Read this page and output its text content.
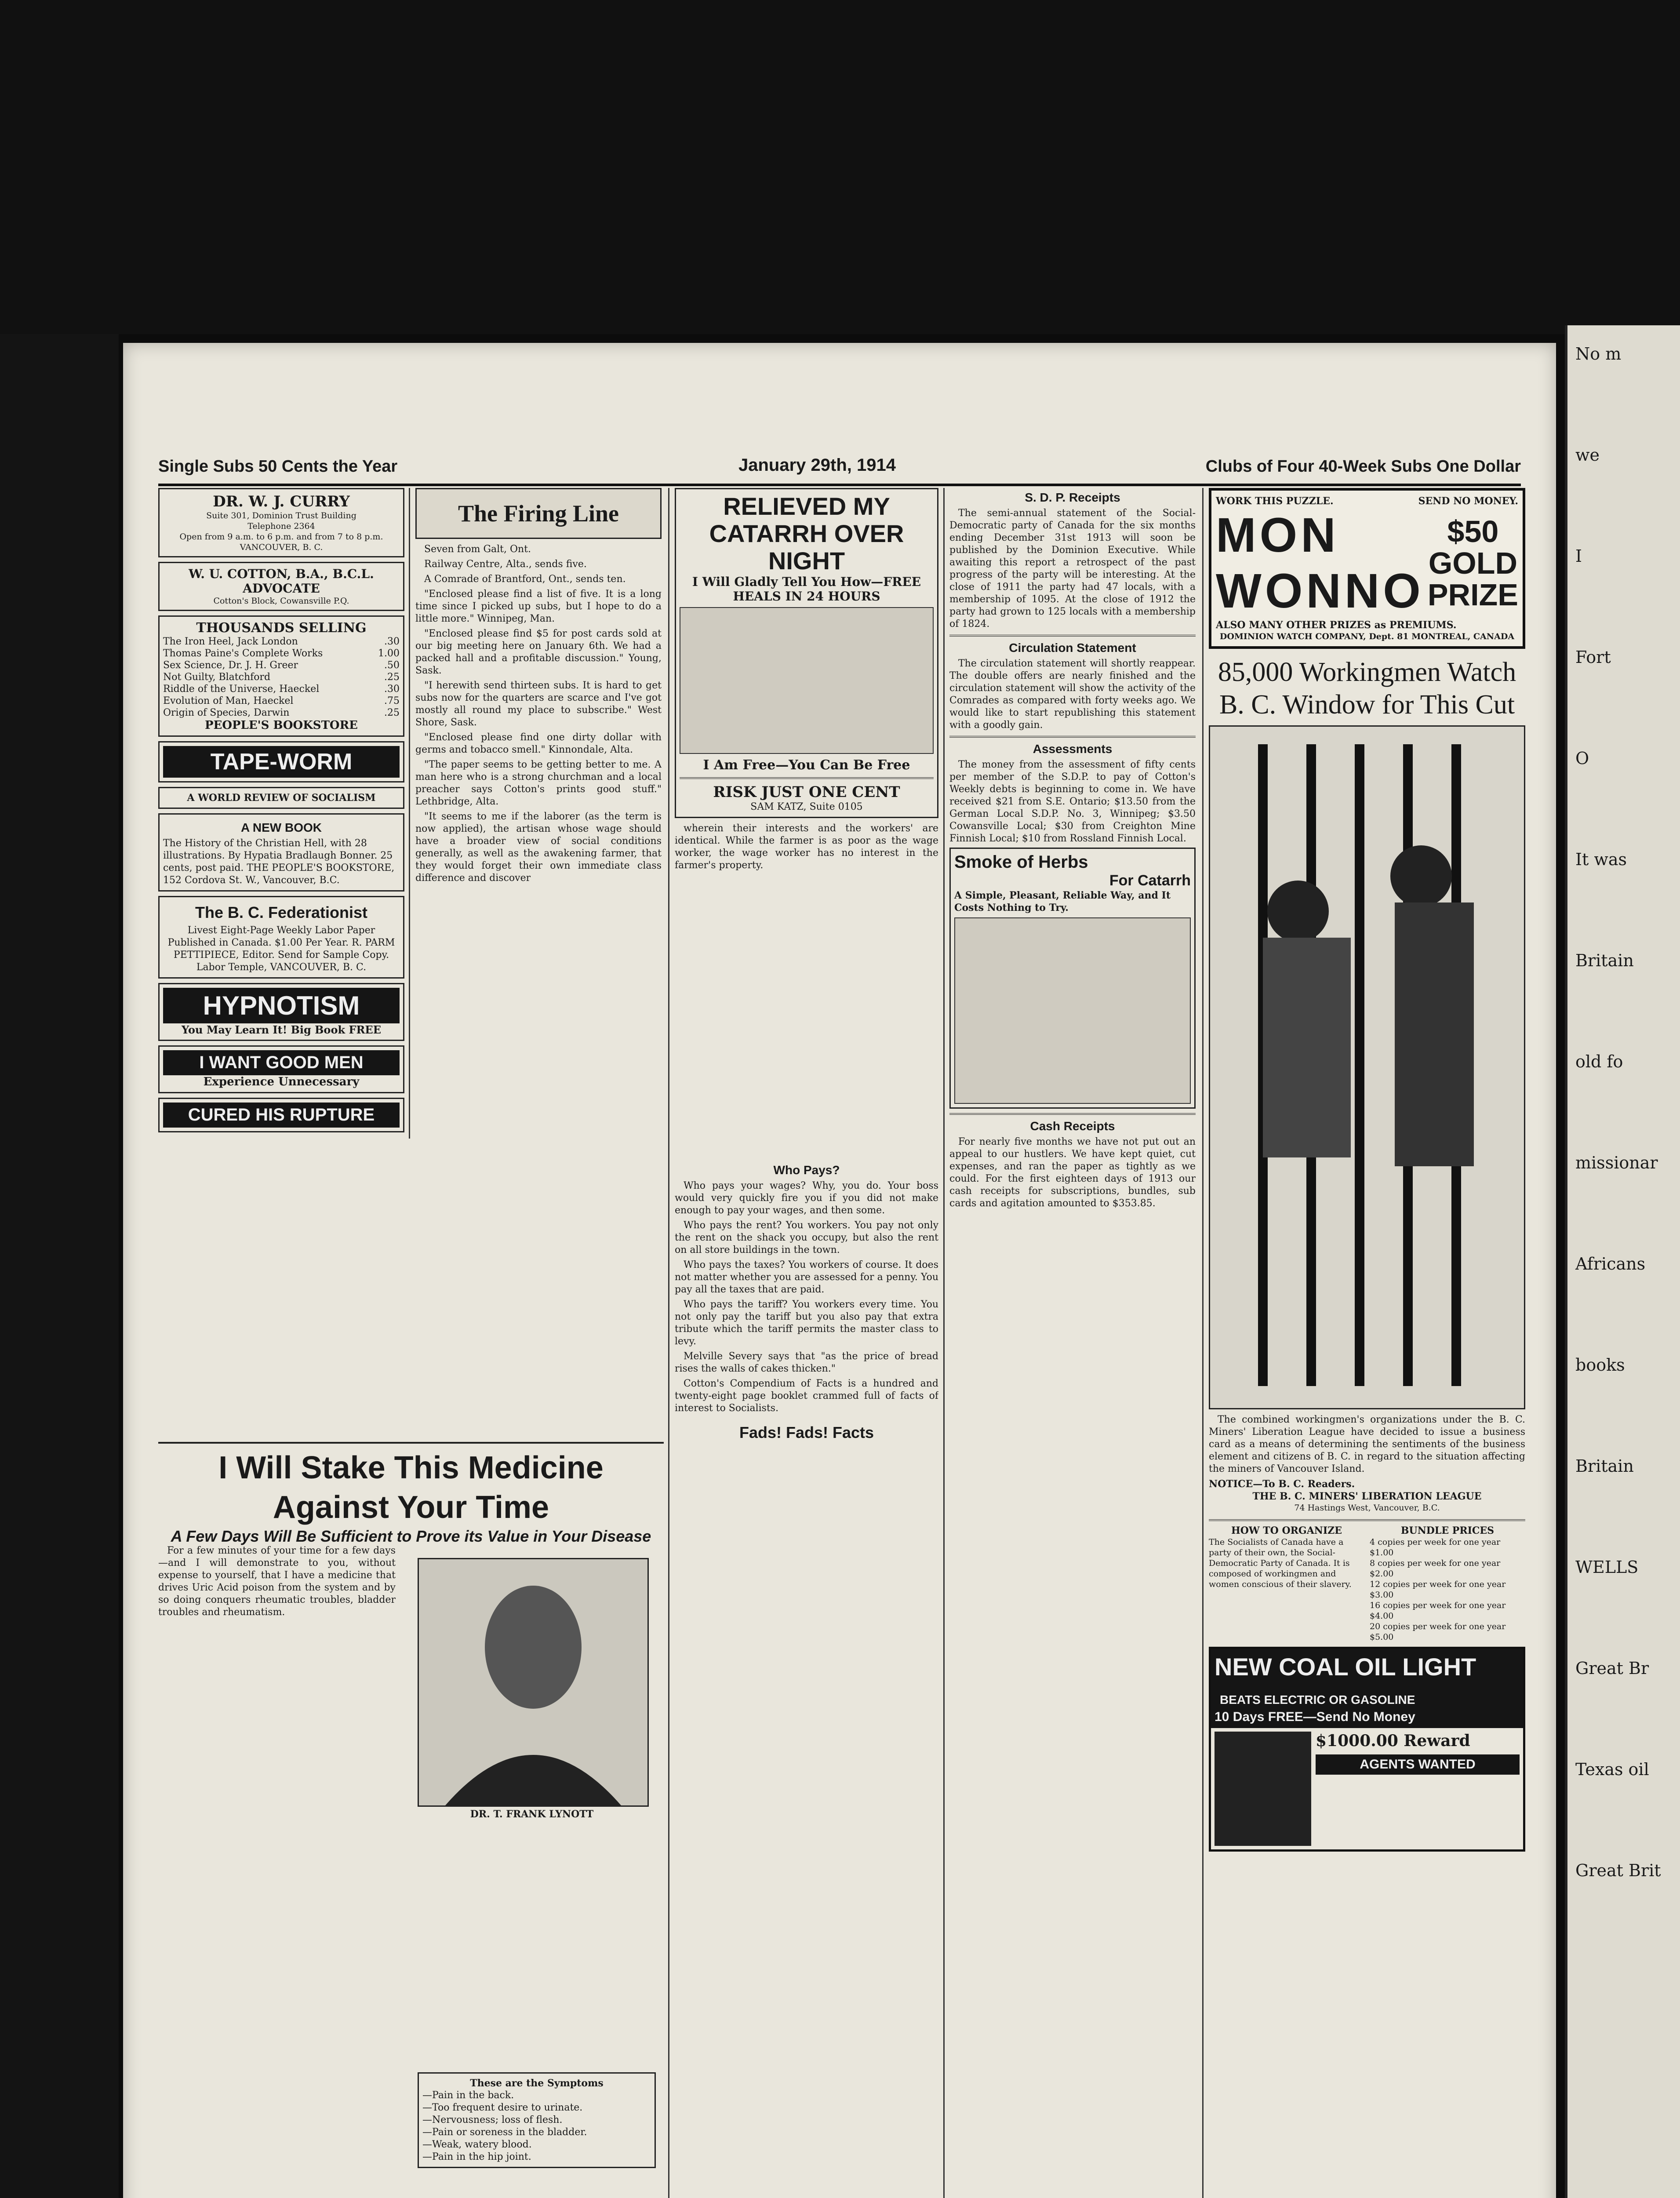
Single Subs 50 Cents the Year	January 29th, 1914	Clubs of Four 40-Week Subs One Dollar
DR. W. J. CURRY
Suite 301, Dominion Trust Building
Telephone 2364
Open from 9 a.m. to 6 p.m. and from 7 to 8 p.m.
VANCOUVER, B. C.
W. U. COTTON, B.A., B.C.L. ADVOCATE
Cotton's Block, Cowansville P.Q.
THOUSANDS SELLING
The Iron Heel, Jack London	.30
Thomas Paine's Complete Works	1.00
Sex Science, Dr. J. H. Greer	.50
Not Guilty, Blatchford	.25
Riddle of the Universe, Haeckel	.30
Evolution of Man, Haeckel	.75
Origin of Species, Darwin	.25
PEOPLE'S BOOKSTORE
TAPE-WORM
A WORLD REVIEW OF SOCIALISM
A NEW BOOK
The History of the Christian Hell, with 28 illustrations. By Hypatia Bradlaugh Bonner. 25 cents, post paid. THE PEOPLE'S BOOKSTORE, 152 Cordova St. W., Vancouver, B.C.
The B. C. Federationist
Livest Eight-Page Weekly Labor Paper Published in Canada. $1.00 Per Year. R. PARM PETTIPIECE, Editor. Send for Sample Copy. Labor Temple, VANCOUVER, B. C.
HYPNOTISM
You May Learn It! Big Book FREE
I WANT GOOD MEN
Experience Unnecessary
CURED HIS RUPTURE
The Firing Line

Seven from Galt, Ont.

Railway Centre, Alta., sends five.

A Comrade of Brantford, Ont., sends ten.

"Enclosed please find a list of five. It is a long time since I picked up subs, but I hope to do a little more." Winnipeg, Man.

"Enclosed please find $5 for post cards sold at our big meeting here on January 6th. We had a packed hall and a profitable discussion." Young, Sask.

"I herewith send thirteen subs. It is hard to get subs now for the quarters are scarce and I've got mostly all round my place to subscribe." West Shore, Sask.

"Enclosed please find one dirty dollar with germs and tobacco smell." Kinnondale, Alta.

"The paper seems to be getting better to me. A man here who is a strong churchman and a local preacher says Cotton's prints good stuff." Lethbridge, Alta.

"It seems to me if the laborer (as the term is now applied), the artisan whose wage should have a broader view of social conditions generally, as well as the awakening farmer, that they would forget their own immediate class difference and discover

RELIEVED MY CATARRH OVER NIGHT
I Will Gladly Tell You How—FREE
HEALS IN 24 HOURS
I Am Free—You Can Be Free
RISK JUST ONE CENT
SAM KATZ, Suite 0105

wherein their interests and the workers' are identical. While the farmer is as poor as the wage worker, the wage worker has no interest in the farmer's property.

Who Pays?

Who pays your wages? Why, you do. Your boss would very quickly fire you if you did not make enough to pay your wages, and then some.

Who pays the rent? You workers. You pay not only the rent on the shack you occupy, but also the rent on all store buildings in the town.

Who pays the taxes? You workers of course. It does not matter whether you are assessed for a penny. You pay all the taxes that are paid.

Who pays the tariff? You workers every time. You not only pay the tariff but you also pay that extra tribute which the tariff permits the master class to levy.

Melville Severy says that "as the price of bread rises the walls of cakes thicken."

Cotton's Compendium of Facts is a hundred and twenty-eight page booklet crammed full of facts of interest to Socialists.

Fads! Fads! Facts
S. D. P. Receipts

The semi-annual statement of the Social-Democratic party of Canada for the six months ending December 31st 1913 will soon be published by the Dominion Executive. While awaiting this report a retrospect of the past progress of the party will be interesting. At the close of 1911 the party had 47 locals, with a membership of 1095. At the close of 1912 the party had grown to 125 locals with a membership of 1824.

Circulation Statement

The circulation statement will shortly reappear. The double offers are nearly finished and the circulation statement will show the activity of the Comrades as compared with forty weeks ago. We would like to start republishing this statement with a goodly gain.

Assessments

The money from the assessment of fifty cents per member of the S.D.P. to pay of Cotton's Weekly debts is beginning to come in. We have received $21 from S.E. Ontario; $13.50 from the German Local S.D.P. No. 3, Winnipeg; $3.50 Cowansville Local; $30 from Creighton Mine Finnish Local; $10 from Rossland Finnish Local.

Smoke of Herbs
For Catarrh
A Simple, Pleasant, Reliable Way, and It Costs Nothing to Try.
Cash Receipts

For nearly five months we have not put out an appeal to our hustlers. We have kept quiet, cut expenses, and ran the paper as tightly as we could. For the first eighteen days of 1913 our cash receipts for subscriptions, bundles, sub cards and agitation amounted to $353.85.

WORK THIS PUZZLE.	SEND NO MONEY.
MON
WONNO
$50
GOLD
PRIZE
ALSO MANY OTHER PRIZES as PREMIUMS.
DOMINION WATCH COMPANY, Dept. 81 MONTREAL, CANADA
85,000 Workingmen Watch B. C. Window for This Cut

The combined workingmen's organizations under the B. C. Miners' Liberation League have decided to issue a business card as a means of determining the sentiments of the business element and citizens of B. C. in regard to the situation affecting the miners of Vancouver Island.

NOTICE—To B. C. Readers.
THE B. C. MINERS' LIBERATION LEAGUE
74 Hastings West, Vancouver, B.C.
HOW TO ORGANIZE
The Socialists of Canada have a party of their own, the Social-Democratic Party of Canada. It is composed of workingmen and women conscious of their slavery.
BUNDLE PRICES
4 copies per week for one year $1.00
8 copies per week for one year $2.00
12 copies per week for one year $3.00
16 copies per week for one year $4.00
20 copies per week for one year $5.00
NEW COAL OIL LIGHT BEATS ELECTRIC OR GASOLINE
10 Days FREE—Send No Money
$1000.00 Reward
AGENTS WANTED
I Will Stake This Medicine Against Your Time
A Few Days Will Be Sufficient to Prove its Value in Your Disease

For a few minutes of your time for a few days—and I will demonstrate to you, without expense to yourself, that I have a medicine that drives Uric Acid poison from the system and by so doing conquers rheumatic troubles, bladder troubles and rheumatism.

DR. T. FRANK LYNOTT
These are the Symptoms
—Pain in the back.
—Too frequent desire to urinate.
—Nervousness; loss of flesh.
—Pain or soreness in the bladder.
—Weak, watery blood.
—Pain in the hip joint.
No m
we
I
Fort
O
It was
Britain
old fo
missionar
Africans
books
Britain
WELLS
Great Br
Texas oil
Great Brit
